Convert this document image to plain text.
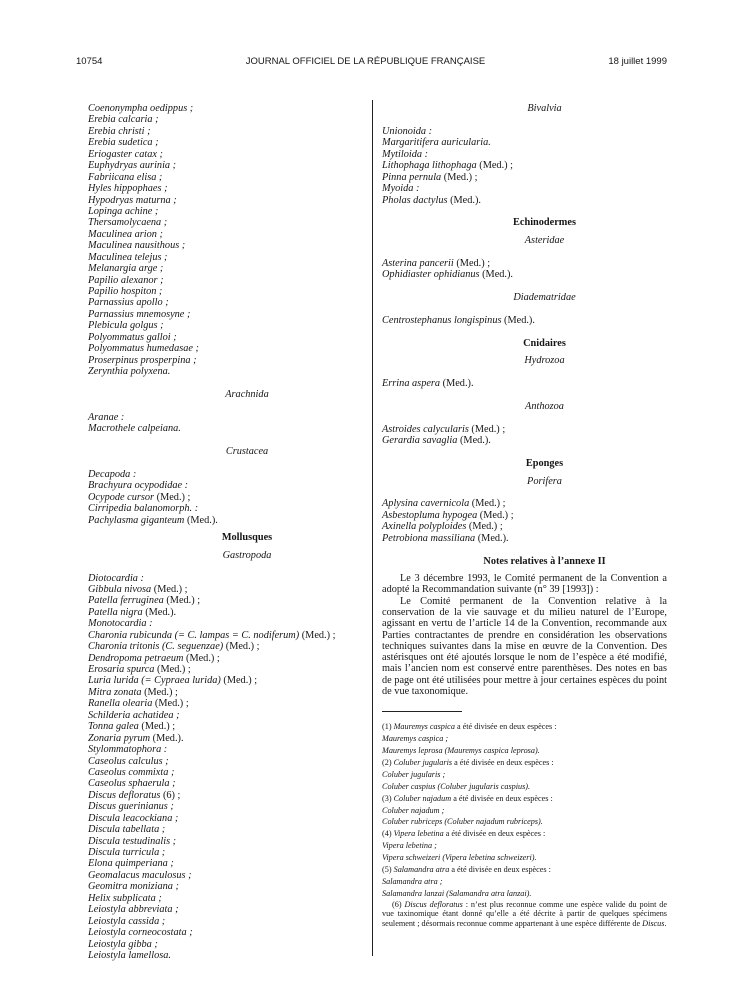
10754	JOURNAL OFFICIEL DE LA RÉPUBLIQUE FRANÇAISE	18 juillet 1999
Coenonympha oedippus ;
Erebia calcaria ;
Erebia christi ;
Erebia sudetica ;
Eriogaster catax ;
Euphydryas aurinia ;
Fabriicana elisa ;
Hyles hippophaes ;
Hypodryas maturna ;
Lopinga achine ;
Thersamolycaena ;
Maculinea arion ;
Maculinea nausithous ;
Maculinea telejus ;
Melanargia arge ;
Papilio alexanor ;
Papilio hospiton ;
Parnassius apollo ;
Parnassius mnemosyne ;
Plebicula golgus ;
Polyommatus galloi ;
Polyommatus humedasae ;
Proserpinus prosperpina ;
Zerynthia polyxena.
Arachnida
Aranae :
Macrothele calpeiana.
Crustacea
Decapoda :
Brachyura ocypodidae :
Ocypode cursor (Med.) ;
Cirripedia balanomorph. :
Pachylasma giganteum (Med.).
Mollusques
Gastropoda
Diotocardia :
Gibbula nivosa (Med.) ;
Patella ferruginea (Med.) ;
Patella nigra (Med.).
Monotocardia :
Charonia rubicunda (= C. lampas = C. nodiferum) (Med.) ;
Charonia tritonis (C. seguenzae) (Med.) ;
Dendropoma petraeum (Med.) ;
Erosaria spurca (Med.) ;
Luria lurida (= Cypraea lurida) (Med.) ;
Mitra zonata (Med.) ;
Ranella olearia (Med.) ;
Schilderia achatidea ;
Tonna galea (Med.) ;
Zonaria pyrum (Med.).
Stylommatophora :
Caseolus calculus ;
Caseolus commixta ;
Caseolus sphaerula ;
Discus defloratus (6) ;
Discus guerinianus ;
Discula leacockiana ;
Discula tabellata ;
Discula testudinalis ;
Discula turricula ;
Elona quimperiana ;
Geomalacus maculosus ;
Geomitra moniziana ;
Helix subplicata ;
Leiostyla abbreviata ;
Leiostyla cassida ;
Leiostyla corneocostata ;
Leiostyla gibba ;
Leiostyla lamellosa.
Bivalvia
Unionoida :
Margaritifera auricularia.
Mytiloida :
Lithophaga lithophaga (Med.) ;
Pinna pernula (Med.) ;
Myoida :
Pholas dactylus (Med.).
Echinodermes
Asteridae
Asterina pancerii (Med.) ;
Ophidiaster ophidianus (Med.).
Diadematridae
Centrostephanus longispinus (Med.).
Cnidaires
Hydrozoa
Errina aspera (Med.).
Anthozoa
Astroides calycularis (Med.) ;
Gerardia savaglia (Med.).
Eponges
Porifera
Aplysina cavernicola (Med.) ;
Asbestopluma hypogea (Med.) ;
Axinella polyploides (Med.) ;
Petrobiona massiliana (Med.).
Notes relatives à l’annexe II
Le 3 décembre 1993, le Comité permanent de la Convention a adopté la Recommandation suivante (n° 39 [1993]) :
Le Comité permanent de la Convention relative à la conservation de la vie sauvage et du milieu naturel de l’Europe, agissant en vertu de l’article 14 de la Convention, recommande aux Parties contractantes de prendre en considération les observations techniques suivantes dans la mise en œuvre de la Convention. Des astérisques ont été ajoutés lorsque le nom de l’espèce a été modifié, mais l’ancien nom est conservé entre parenthèses. Des notes en bas de page ont été utilisées pour mettre à jour certaines espèces du point de vue taxonomique.
(1) Mauremys caspica a été divisée en deux espèces :
Mauremys caspica ;
Mauremys leprosa (Mauremys caspica leprosa).
(2) Coluber jugularis a été divisée en deux espèces :
Coluber jugularis ;
Coluber caspius (Coluber jugularis caspius).
(3) Coluber najadum a été divisée en deux espèces :
Coluber najadum ;
Coluber rubriceps (Coluber najadum rubriceps).
(4) Vipera lebetina a été divisée en deux espèces :
Vipera lebetina ;
Vipera schweizeri (Vipera lebetina schweizeri).
(5) Salamandra atra a été divisée en deux espèces :
Salamandra atra ;
Salamandra lanzai (Salamandra atra lanzai).
(6) Discus defloratus : n’est plus reconnue comme une espèce valide du point de vue taxinomique étant donné qu’elle a été décrite à partir de quelques spécimens seulement ; désormais reconnue comme appartenant à une espèce différente de Discus.
